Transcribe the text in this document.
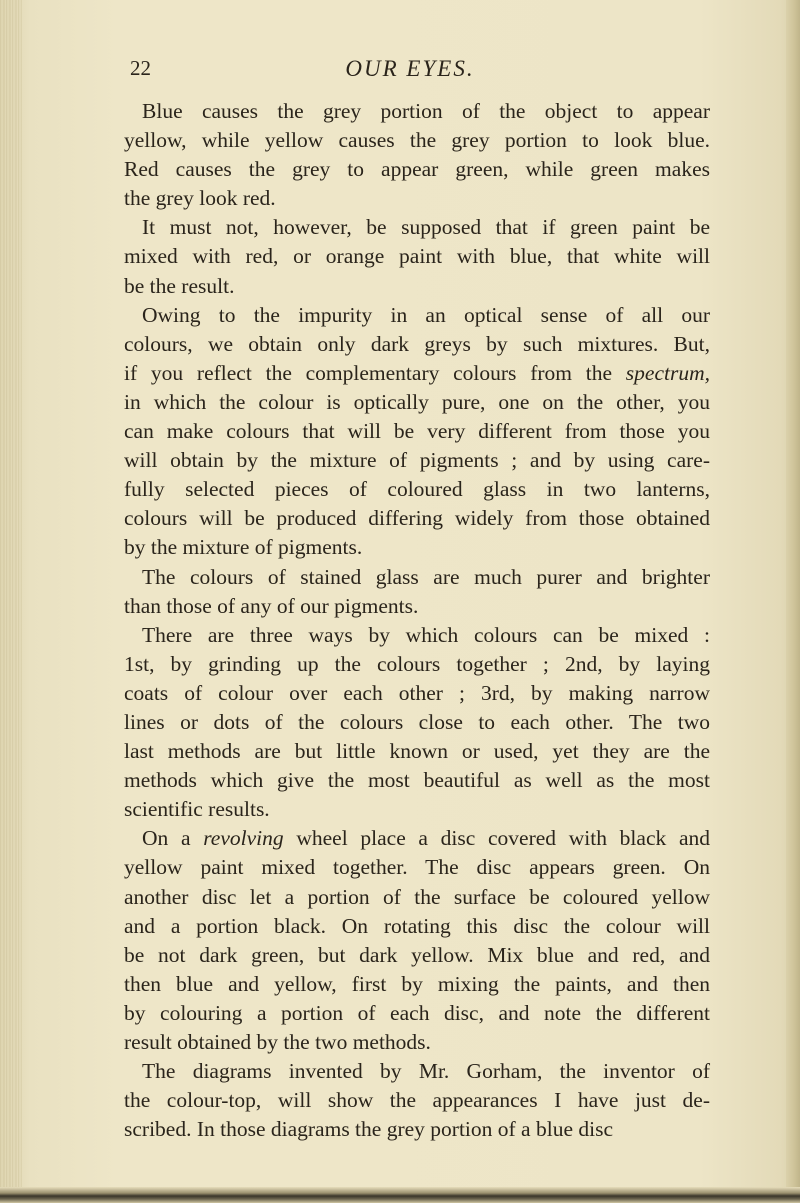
22	OUR EYES.
Blue causes the grey portion of the object to appear
yellow, while yellow causes the grey portion to look blue.
Red causes the grey to appear green, while green makes
the grey look red.
It must not, however, be supposed that if green paint be
mixed with red, or orange paint with blue, that white will
be the result.
Owing to the impurity in an optical sense of all our
colours, we obtain only dark greys by such mixtures. But,
if you reflect the complementary colours from the spectrum,
in which the colour is optically pure, one on the other, you
can make colours that will be very different from those you
will obtain by the mixture of pigments ; and by using care-
fully selected pieces of coloured glass in two lanterns,
colours will be produced differing widely from those obtained
by the mixture of pigments.
The colours of stained glass are much purer and brighter
than those of any of our pigments.
There are three ways by which colours can be mixed :
1st, by grinding up the colours together ; 2nd, by laying
coats of colour over each other ; 3rd, by making narrow
lines or dots of the colours close to each other. The two
last methods are but little known or used, yet they are the
methods which give the most beautiful as well as the most
scientific results.
On a revolving wheel place a disc covered with black and
yellow paint mixed together. The disc appears green. On
another disc let a portion of the surface be coloured yellow
and a portion black. On rotating this disc the colour will
be not dark green, but dark yellow. Mix blue and red, and
then blue and yellow, first by mixing the paints, and then
by colouring a portion of each disc, and note the different
result obtained by the two methods.
The diagrams invented by Mr. Gorham, the inventor of
the colour-top, will show the appearances I have just de-
scribed. In those diagrams the grey portion of a blue disc
